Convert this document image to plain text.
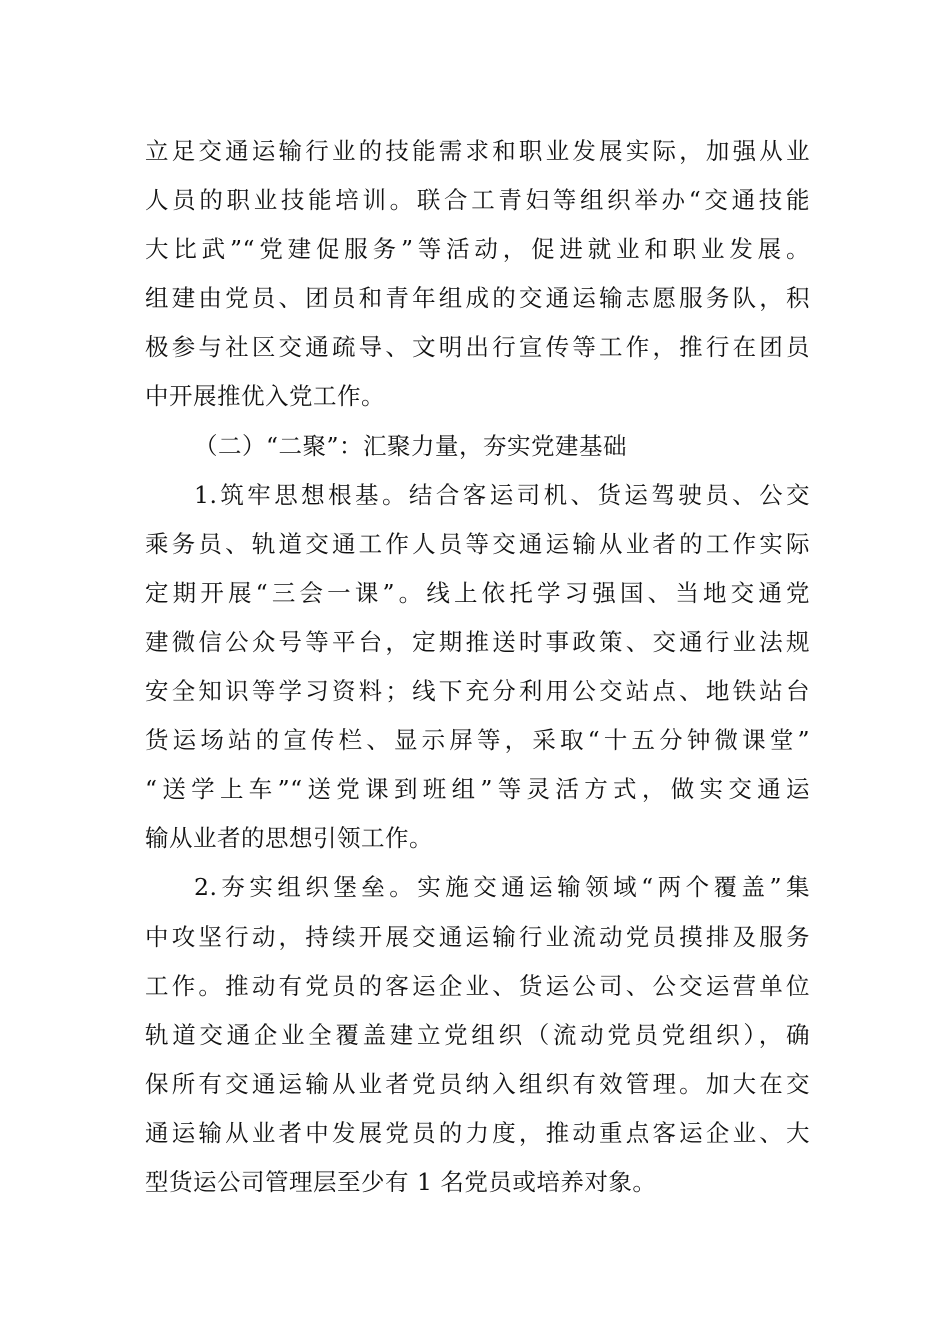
立足交通运输行业的技能需求和职业发展实际，加强从业
人员的职业技能培训。联合工青妇等组织举办“交通技能
大比武”“党建促服务”等活动，促进就业和职业发展。
组建由党员、团员和青年组成的交通运输志愿服务队，积
极参与社区交通疏导、文明出行宣传等工作，推行在团员
中开展推优入党工作。
（二）“二聚”：汇聚力量，夯实党建基础
1.筑牢思想根基。结合客运司机、货运驾驶员、公交
乘务员、轨道交通工作人员等交通运输从业者的工作实际
定期开展“三会一课”。线上依托学习强国、当地交通党
建微信公众号等平台，定期推送时事政策、交通行业法规
安全知识等学习资料；线下充分利用公交站点、地铁站台
货运场站的宣传栏、显示屏等，采取“十五分钟微课堂”
“送学上车”“送党课到班组”等灵活方式，做实交通运
输从业者的思想引领工作。
2.夯实组织堡垒。实施交通运输领域“两个覆盖”集
中攻坚行动，持续开展交通运输行业流动党员摸排及服务
工作。推动有党员的客运企业、货运公司、公交运营单位
轨道交通企业全覆盖建立党组织（流动党员党组织），确
保所有交通运输从业者党员纳入组织有效管理。加大在交
通运输从业者中发展党员的力度，推动重点客运企业、大
型货运公司管理层至少有 1 名党员或培养对象。
